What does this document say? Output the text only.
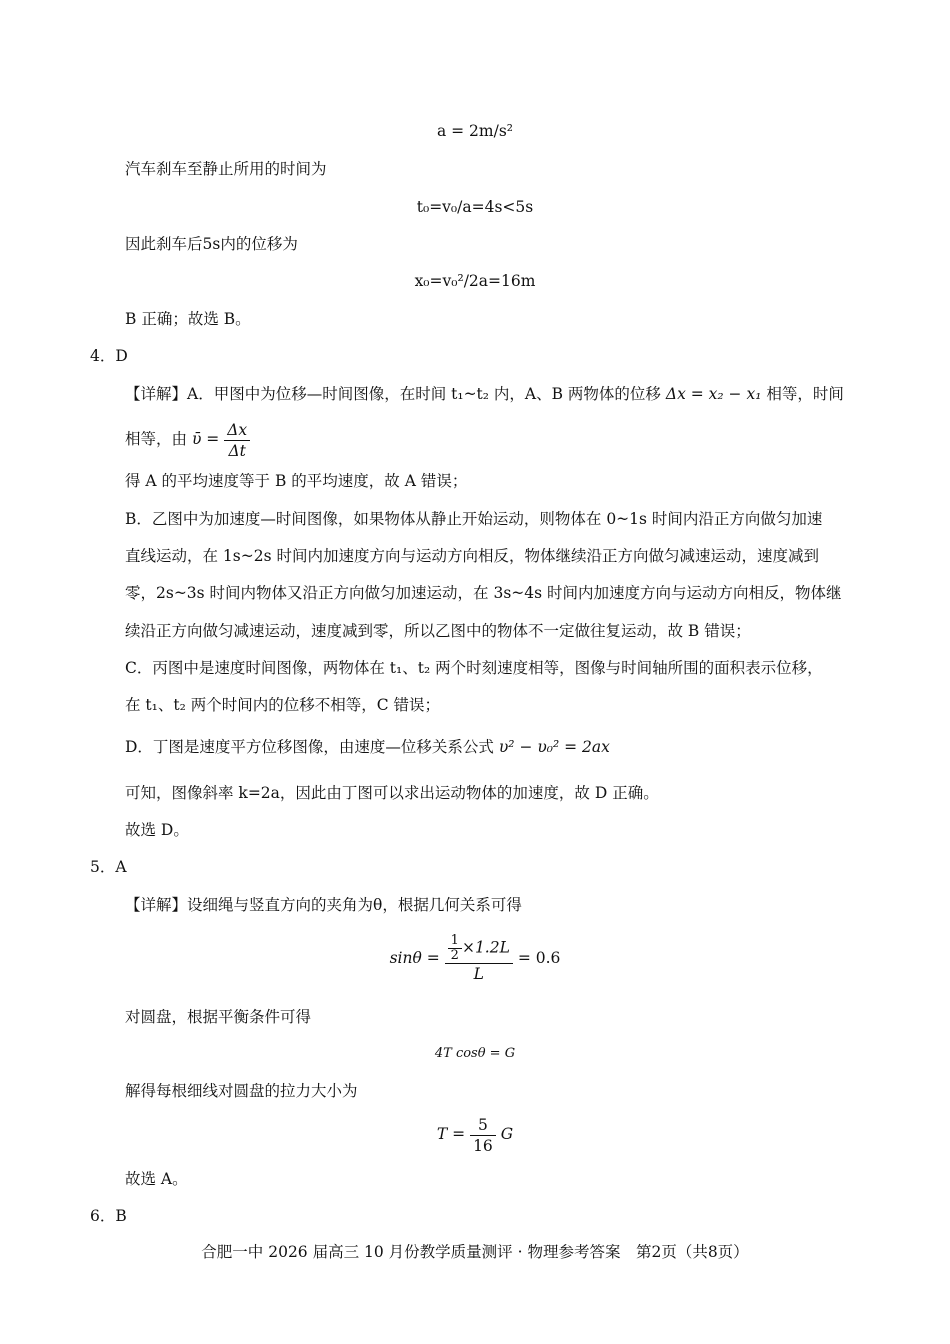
a = 2m/s²
汽车刹车至静止所用的时间为
t₀=v₀/a=4s<5s
因此刹车后5s内的位移为
x₀=v₀²/2a=16m
B 正确；故选 B。
4．D
【详解】A．甲图中为位移—时间图像，在时间 t₁~t₂ 内，A、B 两物体的位移 Δx = x₂ − x₁ 相等，时间
相等，由 ῡ = $\frac{\Delta x}{\Delta t}$
得 A 的平均速度等于 B 的平均速度，故 A 错误；
B．乙图中为加速度—时间图像，如果物体从静止开始运动，则物体在 0~1s 时间内沿正方向做匀加速
直线运动，在 1s~2s 时间内加速度方向与运动方向相反，物体继续沿正方向做匀减速运动，速度减到
零，2s~3s 时间内物体又沿正方向做匀加速运动，在 3s~4s 时间内加速度方向与运动方向相反，物体继
续沿正方向做匀减速运动，速度减到零，所以乙图中的物体不一定做往复运动，故 B 错误；
C．丙图中是速度时间图像，两物体在 t₁、t₂ 两个时刻速度相等，图像与时间轴所围的面积表示位移，
在 t₁、t₂ 两个时间内的位移不相等，C 错误；
D．丁图是速度平方位移图像，由速度—位移关系公式 υ² − υ₀² = 2ax
可知，图像斜率 k=2a，因此由丁图可以求出运动物体的加速度，故 D 正确。
故选 D。
5．A
【详解】设细绳与竖直方向的夹角为θ，根据几何关系可得
$\sin\theta = \frac{\frac{1}{2} \times 1.2L}{L} = 0.6$
对圆盘，根据平衡条件可得
4T cosθ = G
解得每根细线对圆盘的拉力大小为
$T = \frac{5}{16}$ G
故选 A。
6．B
合肥一中 2026 届高三 10 月份教学质量测评 · 物理参考答案　第2页（共8页）
